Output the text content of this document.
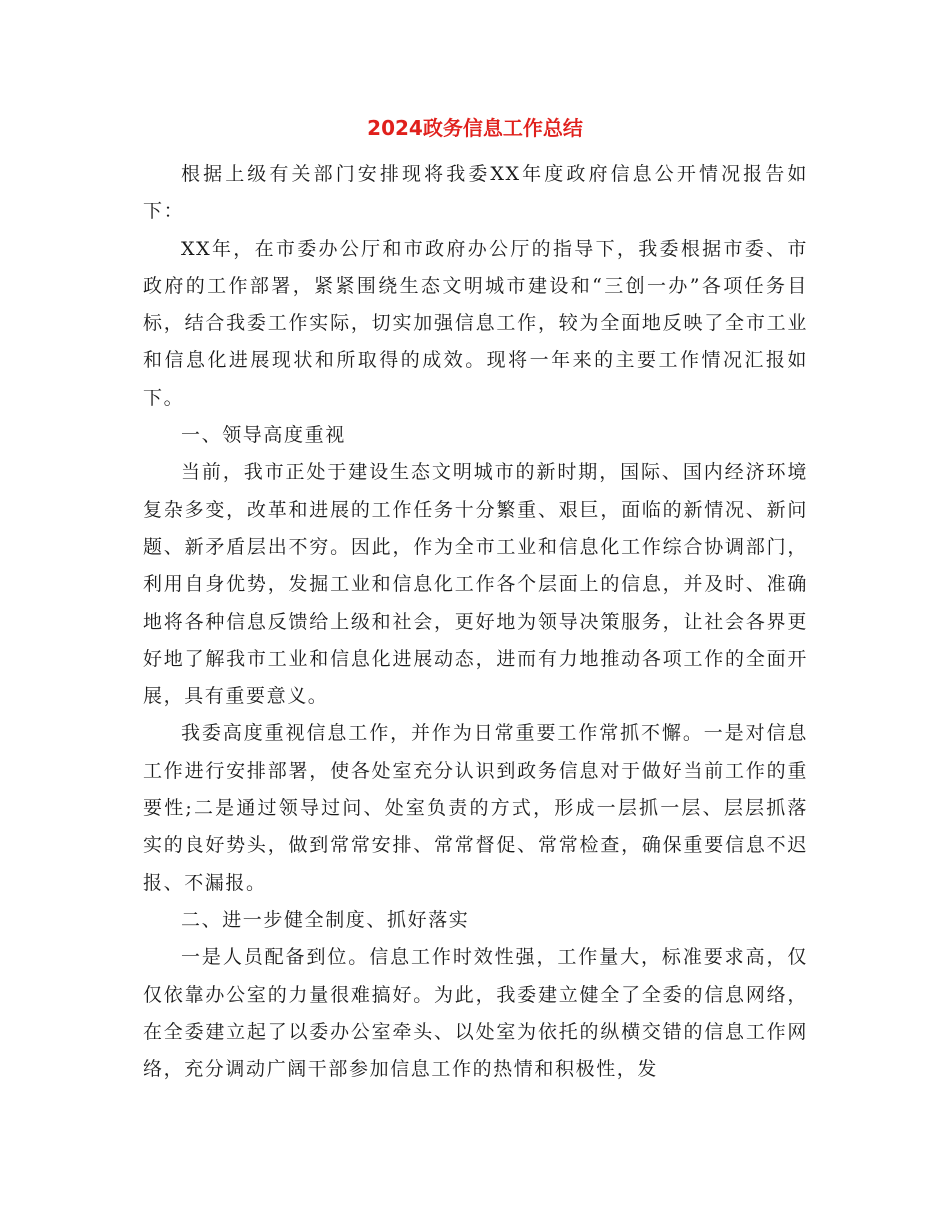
2024政务信息工作总结

根据上级有关部门安排现将我委XX年度政府信息公开情况报告如下：

XX年，在市委办公厅和市政府办公厅的指导下，我委根据市委、市政府的工作部署，紧紧围绕生态文明城市建设和“三创一办”各项任务目标，结合我委工作实际，切实加强信息工作，较为全面地反映了全市工业和信息化进展现状和所取得的成效。现将一年来的主要工作情况汇报如下。

一、领导高度重视

当前，我市正处于建设生态文明城市的新时期，国际、国内经济环境复杂多变，改革和进展的工作任务十分繁重、艰巨，面临的新情况、新问题、新矛盾层出不穷。因此，作为全市工业和信息化工作综合协调部门，利用自身优势，发掘工业和信息化工作各个层面上的信息，并及时、准确地将各种信息反馈给上级和社会，更好地为领导决策服务，让社会各界更好地了解我市工业和信息化进展动态，进而有力地推动各项工作的全面开展，具有重要意义。

我委高度重视信息工作，并作为日常重要工作常抓不懈。一是对信息工作进行安排部署，使各处室充分认识到政务信息对于做好当前工作的重要性;二是通过领导过问、处室负责的方式，形成一层抓一层、层层抓落实的良好势头，做到常常安排、常常督促、常常检查，确保重要信息不迟报、不漏报。

二、进一步健全制度、抓好落实

一是人员配备到位。信息工作时效性强，工作量大，标准要求高，仅仅依靠办公室的力量很难搞好。为此，我委建立健全了全委的信息网络，在全委建立起了以委办公室牵头、以处室为依托的纵横交错的信息工作网络，充分调动广阔干部参加信息工作的热情和积极性，发
